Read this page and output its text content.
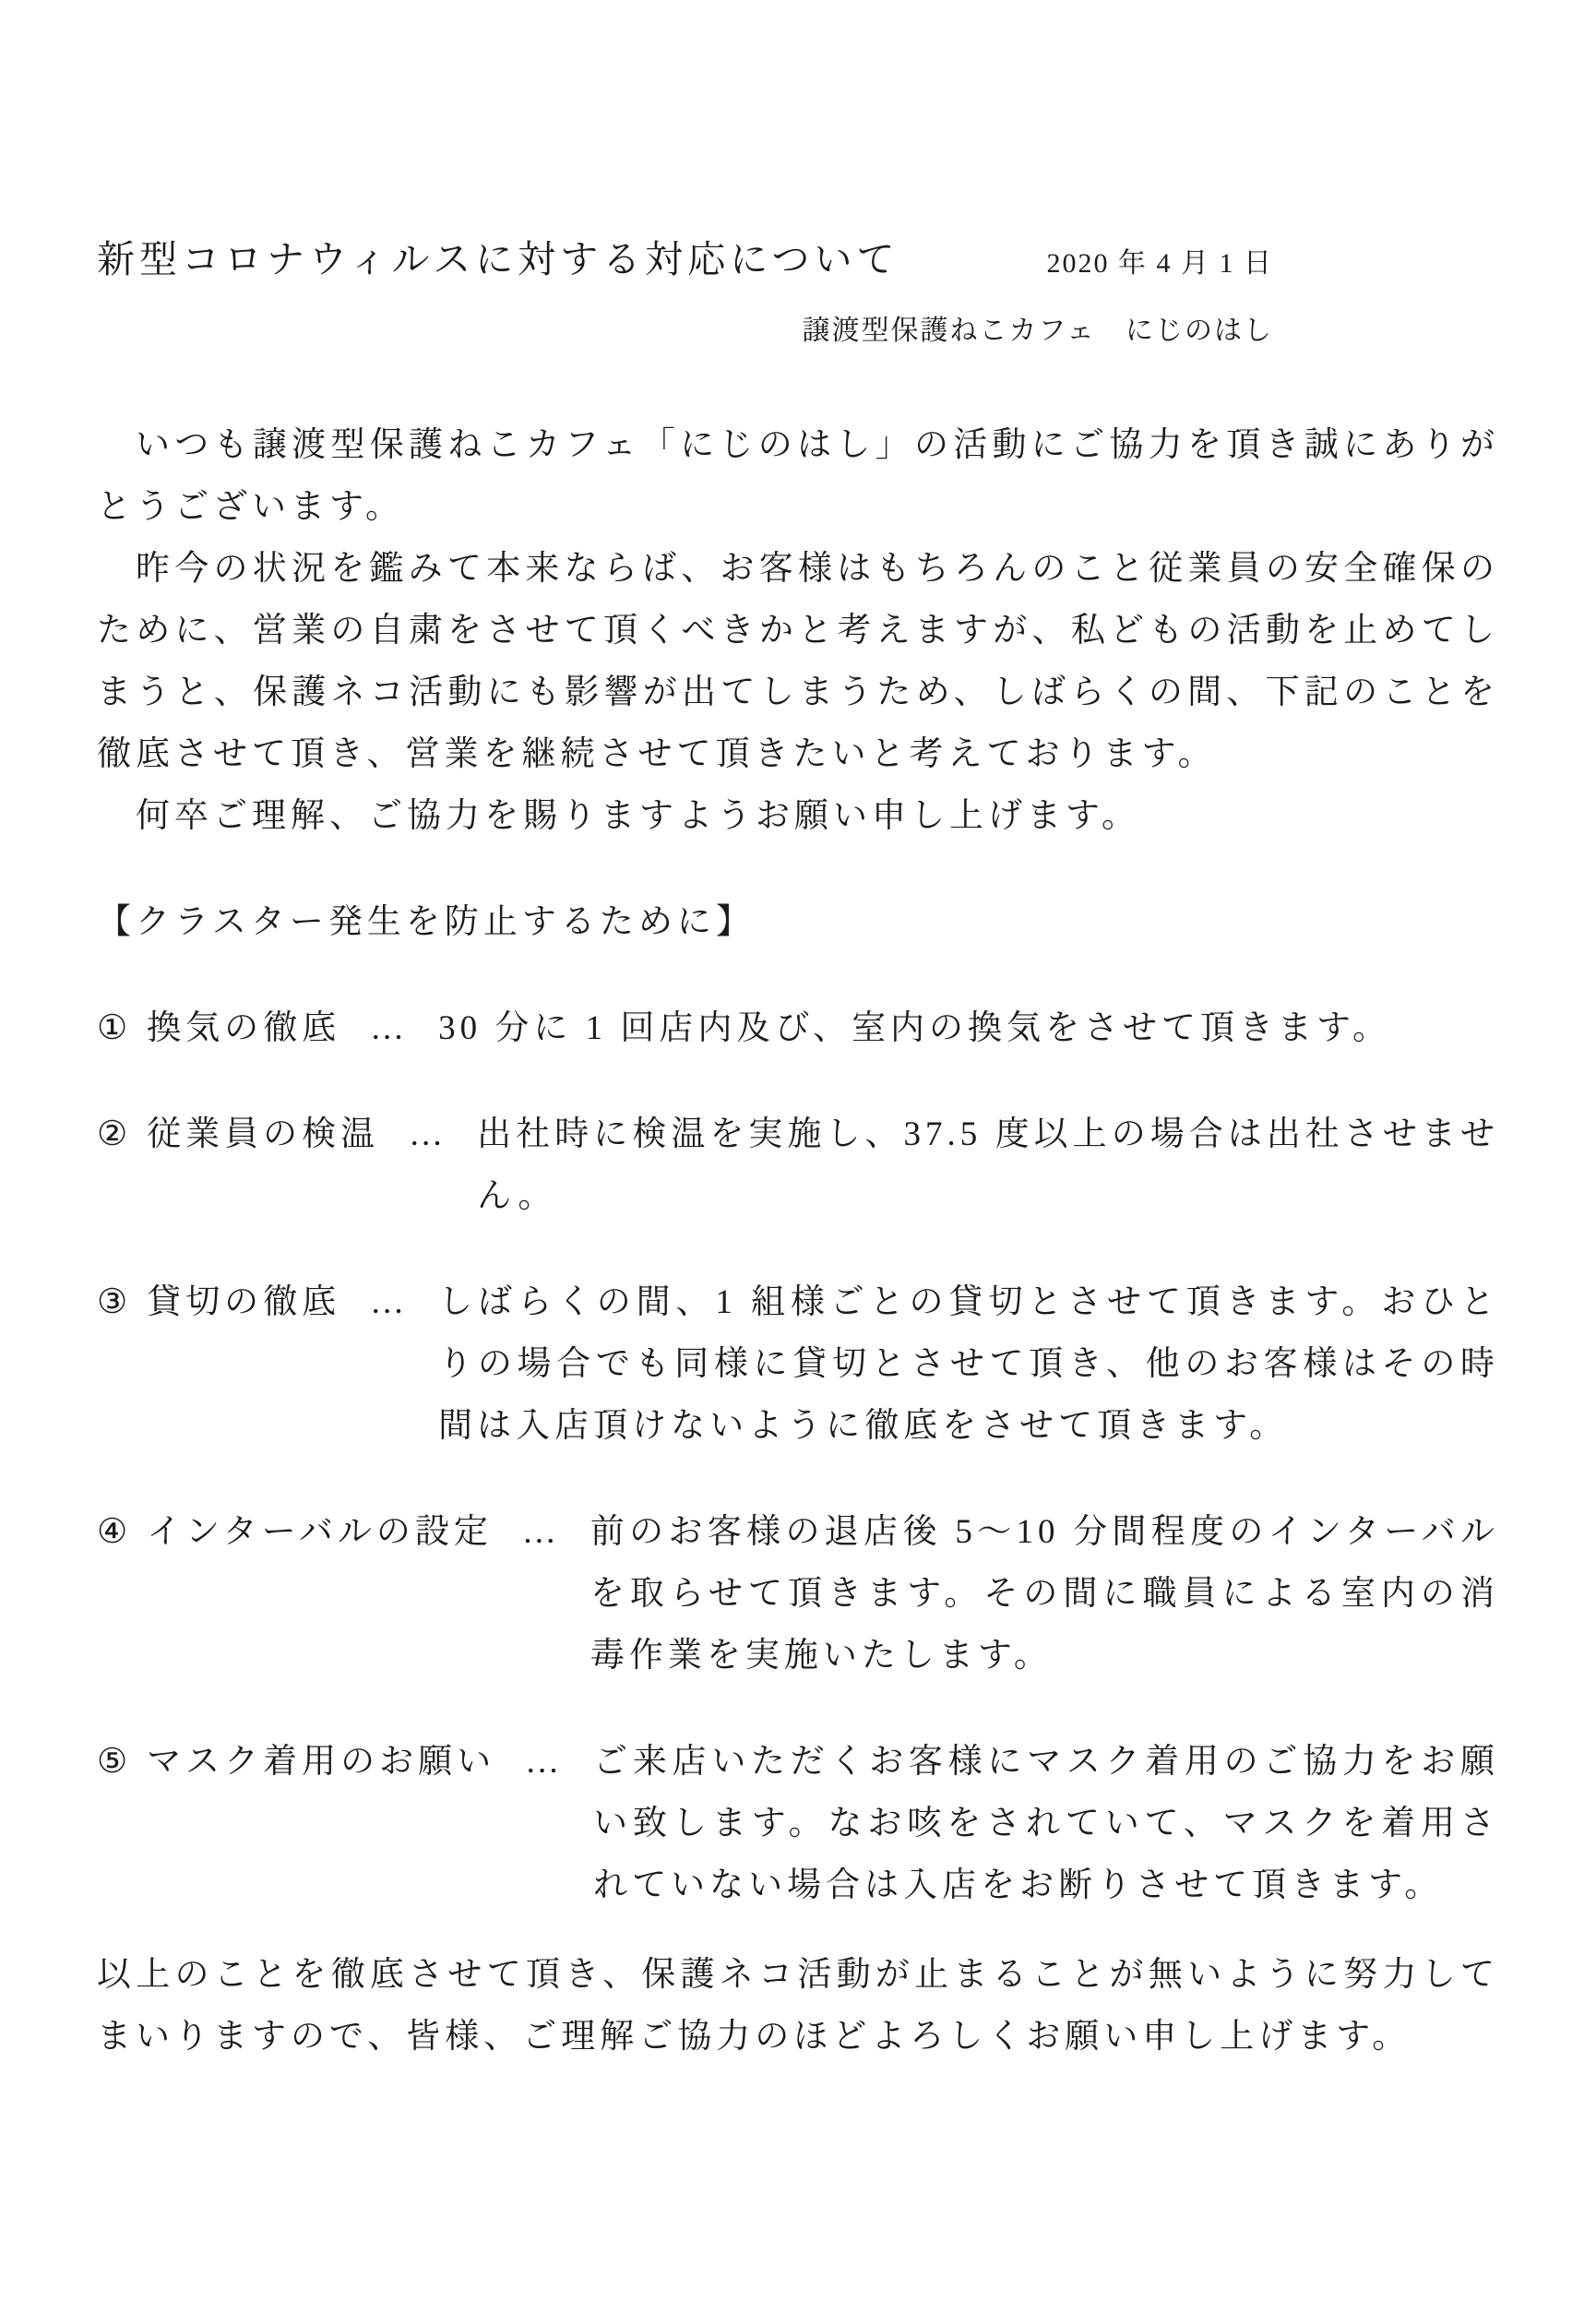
新型コロナウィルスに対する対応について	2020 年 4 月 1 日
譲渡型保護ねこカフェ　にじのはし

いつも譲渡型保護ねこカフェ「にじのはし」の活動にご協力を頂き誠にありがとうございます。

昨今の状況を鑑みて本来ならば、お客様はもちろんのこと従業員の安全確保のために、営業の自粛をさせて頂くべきかと考えますが、私どもの活動を止めてしまうと、保護ネコ活動にも影響が出てしまうため、しばらくの間、下記のことを徹底させて頂き、営業を継続させて頂きたいと考えております。

何卒ご理解、ご協力を賜りますようお願い申し上げます。

【クラスター発生を防止するために】
① 換気の徹底 … 30 分に 1 回店内及び、室内の換気をさせて頂きます。
② 従業員の検温 … 出社時に検温を実施し、37.5 度以上の場合は出社させません。
③ 貸切の徹底 … しばらくの間、1 組様ごとの貸切とさせて頂きます。おひとりの場合でも同様に貸切とさせて頂き、他のお客様はその時間は入店頂けないように徹底をさせて頂きます。
④ インターバルの設定 … 前のお客様の退店後 5～10 分間程度のインターバルを取らせて頂きます。その間に職員による室内の消毒作業を実施いたします。
⑤ マスク着用のお願い … ご来店いただくお客様にマスク着用のご協力をお願い致します。なお咳をされていて、マスクを着用されていない場合は入店をお断りさせて頂きます。
以上のことを徹底させて頂き、保護ネコ活動が止まることが無いように努力してまいりますので、皆様、ご理解ご協力のほどよろしくお願い申し上げます。
